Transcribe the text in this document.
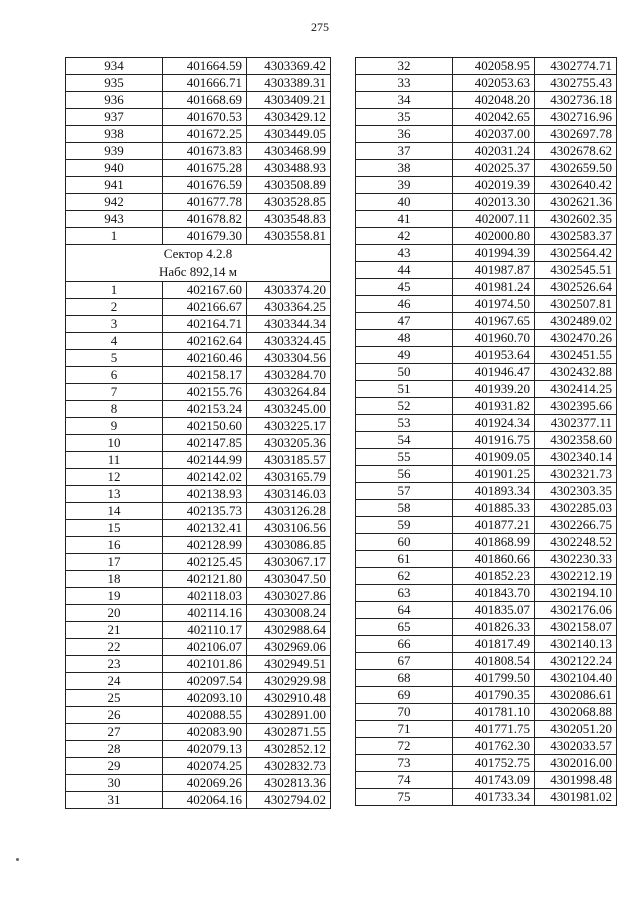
275
934	401664.59	4303369.42
935	401666.71	4303389.31
936	401668.69	4303409.21
937	401670.53	4303429.12
938	401672.25	4303449.05
939	401673.83	4303468.99
940	401675.28	4303488.93
941	401676.59	4303508.89
942	401677.78	4303528.85
943	401678.82	4303548.83
1	401679.30	4303558.81
Сектор 4.2.8		
Набс 892,14 м		
1	402167.60	4303374.20
2	402166.67	4303364.25
3	402164.71	4303344.34
4	402162.64	4303324.45
5	402160.46	4303304.56
6	402158.17	4303284.70
7	402155.76	4303264.84
8	402153.24	4303245.00
9	402150.60	4303225.17
10	402147.85	4303205.36
11	402144.99	4303185.57
12	402142.02	4303165.79
13	402138.93	4303146.03
14	402135.73	4303126.28
15	402132.41	4303106.56
16	402128.99	4303086.85
17	402125.45	4303067.17
18	402121.80	4303047.50
19	402118.03	4303027.86
20	402114.16	4303008.24
21	402110.17	4302988.64
22	402106.07	4302969.06
23	402101.86	4302949.51
24	402097.54	4302929.98
25	402093.10	4302910.48
26	402088.55	4302891.00
27	402083.90	4302871.55
28	402079.13	4302852.12
29	402074.25	4302832.73
30	402069.26	4302813.36
31	402064.16	4302794.02
32	402058.95	4302774.71
33	402053.63	4302755.43
34	402048.20	4302736.18
35	402042.65	4302716.96
36	402037.00	4302697.78
37	402031.24	4302678.62
38	402025.37	4302659.50
39	402019.39	4302640.42
40	402013.30	4302621.36
41	402007.11	4302602.35
42	402000.80	4302583.37
43	401994.39	4302564.42
44	401987.87	4302545.51
45	401981.24	4302526.64
46	401974.50	4302507.81
47	401967.65	4302489.02
48	401960.70	4302470.26
49	401953.64	4302451.55
50	401946.47	4302432.88
51	401939.20	4302414.25
52	401931.82	4302395.66
53	401924.34	4302377.11
54	401916.75	4302358.60
55	401909.05	4302340.14
56	401901.25	4302321.73
57	401893.34	4302303.35
58	401885.33	4302285.03
59	401877.21	4302266.75
60	401868.99	4302248.52
61	401860.66	4302230.33
62	401852.23	4302212.19
63	401843.70	4302194.10
64	401835.07	4302176.06
65	401826.33	4302158.07
66	401817.49	4302140.13
67	401808.54	4302122.24
68	401799.50	4302104.40
69	401790.35	4302086.61
70	401781.10	4302068.88
71	401771.75	4302051.20
72	401762.30	4302033.57
73	401752.75	4302016.00
74	401743.09	4301998.48
75	401733.34	4301981.02
